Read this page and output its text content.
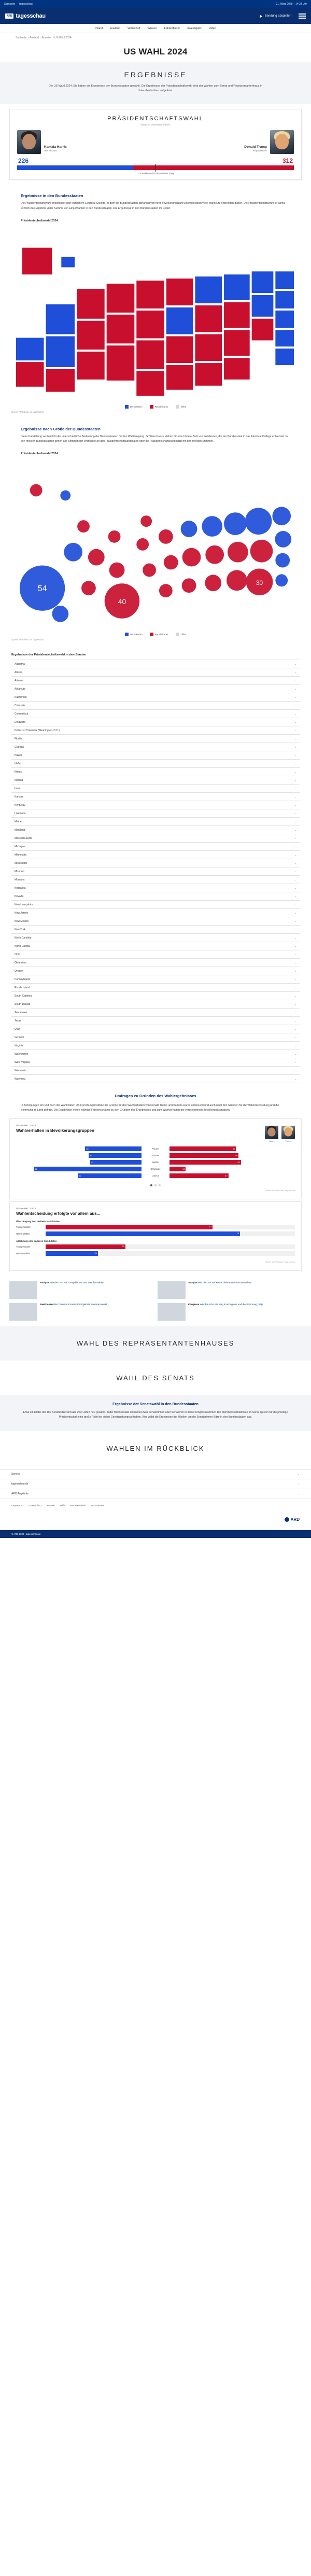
Startseite tagesschau	21. März 2025 – 14:28 Uhr
ARD tagesschau	Sendung abspielen
Inland	Ausland	Wirtschaft	Wissen	Faktenfinder	Investigativ	Video
Startseite › Ausland › Amerika › US-Wahl 2024
US WAHL 2024
ERGEBNISSE

Die US-Wahl 2024: Sie haben die Ergebnisse der Bundesstaaten gewählt. Die Ergebnisse der Präsidentschaftswahl sind der Wahlen zum Senat und Repräsentantenhaus in Unterabschnitten aufgelistet.

PRÄSIDENTSCHAFTSWAHL
Stand: 6. Dezember, 09 Uhr
Kamala Harris
Demokraten
Donald Trump
Republikaner
226	312
270 Wahlleute für die Mehrheit nötig
Ergebnisse in den Bundesstaaten

Die Präsidentschaftswahl entscheidet sich letztlich im Electoral College, in dem die Bundesstaaten abhängig von ihrer Bevölkerungszahl unterschiedlich viele Wahlleute entsenden dürfen. Die Präsidentschaftswahl ist damit letztlich das Ergebnis vieler Summe von Einzelwahlen in den Bundesstaaten. Die Ergebnisse in den Bundesstaaten im Detail:

Präsidentschaftswahl 2024
Demokraten	Republikaner	Offen
Quelle: AP/Edison via tagesschau
Ergebnisse nach Größe der Bundesstaaten

Diese Darstellung verdeutlicht die unterschiedliche Bedeutung der Bundesstaaten für den Wahlausgang. Größere Kreise stehen für eine höhere Zahl von Wahlleuten, die der Bundesstaat in das Electoral College entsendet. In den meisten Bundesstaaten gehen alle Stimmen der Wahlleute an den Präsidentschaftskandidaten oder die Präsidentschaftskandidatin mit den meisten Stimmen.

Präsidentschaftswahl 2024
54
40
30
Demokraten	Republikaner	Offen
Quelle: AP/Edison via tagesschau
Ergebnisse der Präsidentschaftswahl in den Staaten
Alabama	⌄
Alaska	⌄
Arizona	⌄
Arkansas	⌄
Kalifornien	⌄
Colorado	⌄
Connecticut	⌄
Delaware	⌄
District of Columbia (Washington, D.C.)	⌄
Florida	⌄
Georgia	⌄
Hawaii	⌄
Idaho	⌄
Illinois	⌄
Indiana	⌄
Iowa	⌄
Kansas	⌄
Kentucky	⌄
Louisiana	⌄
Maine	⌄
Maryland	⌄
Massachusetts	⌄
Michigan	⌄
Minnesota	⌄
Mississippi	⌄
Missouri	⌄
Montana	⌄
Nebraska	⌄
Nevada	⌄
New Hampshire	⌄
New Jersey	⌄
New Mexico	⌄
New York	⌄
North Carolina	⌄
North Dakota	⌄
Ohio	⌄
Oklahoma	⌄
Oregon	⌄
Pennsylvania	⌄
Rhode Island	⌄
South Carolina	⌄
South Dakota	⌄
Tennessee	⌄
Texas	⌄
Utah	⌄
Vermont	⌄
Virginia	⌄
Washington	⌄
West Virginia	⌄
Wisconsin	⌄
Wyoming	⌄
Umfragen zu Gründen des Wahlergebnisses

In Befragungen am und nach der Wahl haben US-Forschungsinstitute die Gründe für das Wahlverhalten von Donald Trump und Kamala Harris untersucht und auch nach den Gründen für die Wahlentscheidung und die Stimmung im Land gefragt. Die Ergebnisse helfen wichtige Fehleinschätzer zu den Gründen des Ergebnisses und zum Wahlverhalten der verschiedenen Bevölkerungsgruppen.

US-WAHL 2024
Wahlverhalten in Bevölkerungsgruppen
Harris	Trump
45	Frauen	53
42	Männer	55
41	Weiße	57
86	Schwarze	13
51	Latinos	47
Quelle: AP VoteCast / tagesschau
US-WAHL 2024
Wahlentscheidung erfolgte vor allem aus...
Überzeugung von meinem Kandidaten
Trump-Wähler	67
Harris-Wähler	78
Ablehnung des anderen Kandidaten
Trump-Wähler	32
Harris-Wähler	21
Quelle: AP VoteCast / tagesschau
Analyse Wie die USA auf Trump blicken und was ihn wählte	Analyse Wie die USA auf Harris blicken und was sie wählte
Reaktionen Wie Trump und Harris ihr Ergebnis bewertet werden	Kongress Wie den USA ein Sieg im Kongress und die Stimmung prägt
WAHL DES REPRÄSENTANTENHAUSES
WAHL DES SENATS
Ergebnisse der Senatswahl in den Bundesstaaten

Etwa ein Drittel der 100 Senatssitze wird alle zwei Jahre neu gewählt. Jeder Bundesstaat entsendet zwei Senatorinnen oder Senatoren in diese Kongresskammer. Die Mehrheitsverhältnisse im Senat spielen für die jeweilige Präsidentschaft eine große Rolle bei vielen Gesetzgebungsvorhaben. Wer wählt die Ergebnisse der Wahlen um die Senatorinnen-Sitze in den Bundesstaaten aus.

WAHLEN IM RÜCKBLICK
Service	⌄
tagesschau.de	⌄
ARD Angebote	⌄
Impressum Datenschutz Kontakt Hilfe Barrierefreiheit Zu Startseite
ARD
© ARD 2025 | tagesschau.de
